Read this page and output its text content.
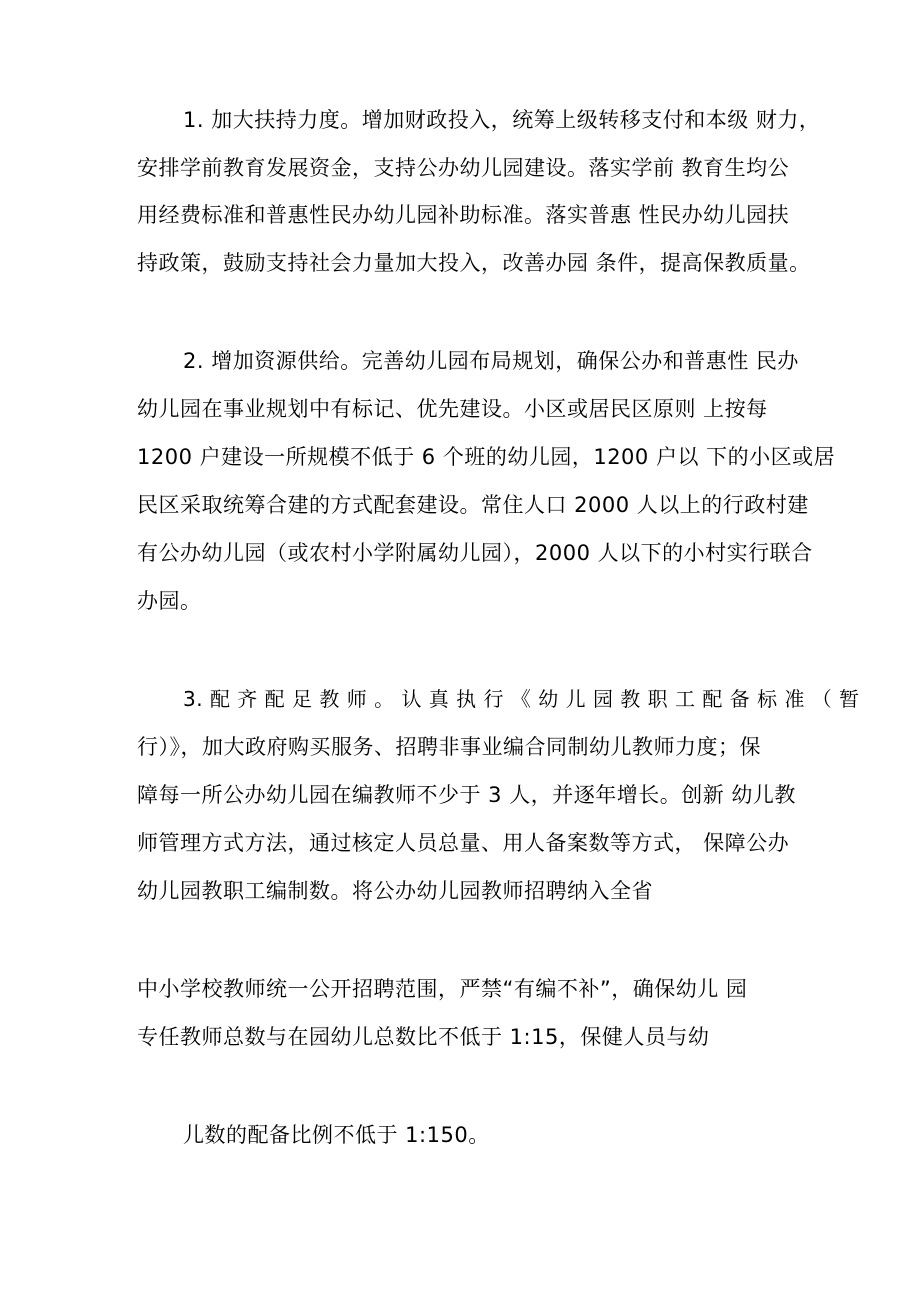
1. 加大扶持力度。增加财政投入，统筹上级转移支付和本级 财力，
安排学前教育发展资金，支持公办幼儿园建设。落实学前 教育生均公
用经费标准和普惠性民办幼儿园补助标准。落实普惠 性民办幼儿园扶
持政策，鼓励支持社会力量加大投入，改善办园 条件，提高保教质量。
2. 增加资源供给。完善幼儿园布局规划，确保公办和普惠性 民办
幼儿园在事业规划中有标记、优先建设。小区或居民区原则 上按每
1200 户建设一所规模不低于 6 个班的幼儿园，1200 户以 下的小区或居
民区采取统筹合建的方式配套建设。常住人口 2000 人以上的行政村建
有公办幼儿园（或农村小学附属幼儿园），2000 人以下的小村实行联合
办园。
3. 配 齐 配 足 教 师 。 认 真 执 行 《 幼 儿 园 教 职 工 配 备 标 准 （ 暂
行）》，加大政府购买服务、招聘非事业编合同制幼儿教师力度；保
障每一所公办幼儿园在编教师不少于 3 人，并逐年增长。创新 幼儿教
师管理方式方法，通过核定人员总量、用人备案数等方式， 保障公办
幼儿园教职工编制数。将公办幼儿园教师招聘纳入全省
中小学校教师统一公开招聘范围，严禁“有编不补”，确保幼儿 园
专任教师总数与在园幼儿总数比不低于 1:15，保健人员与幼
儿数的配备比例不低于 1:150。
